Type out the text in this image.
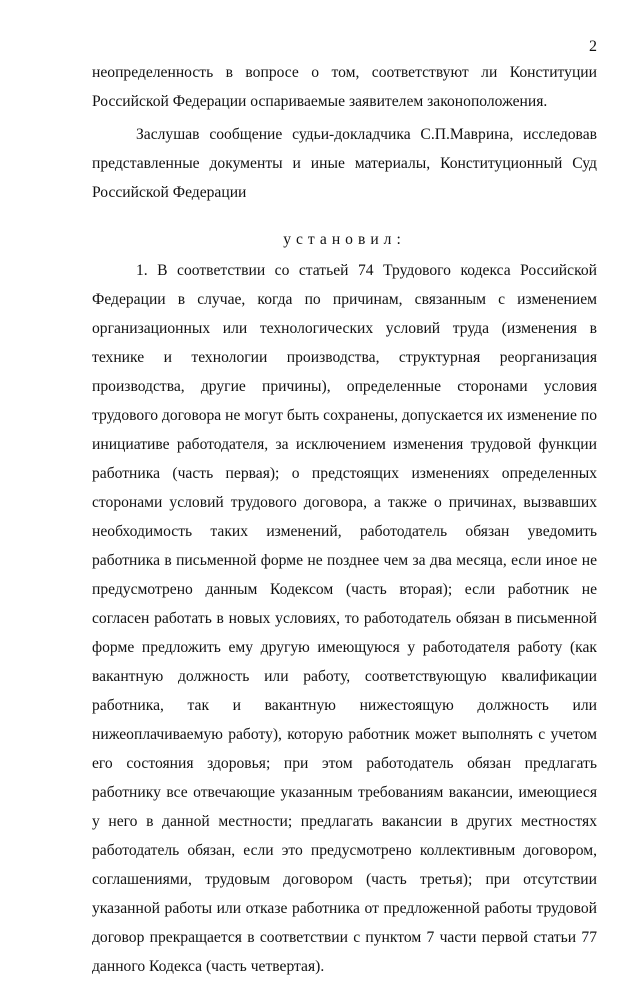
2

неопределенность в вопросе о том, соответствуют ли Конституции Российской Федерации оспариваемые заявителем законоположения.

Заслушав сообщение судьи-докладчика С.П.Маврина, исследовав представленные документы и иные материалы, Конституционный Суд Российской Федерации

установил:

1. В соответствии со статьей 74 Трудового кодекса Российской Федерации в случае, когда по причинам, связанным с изменением организационных или технологических условий труда (изменения в технике и технологии производства, структурная реорганизация производства, другие причины), определенные сторонами условия трудового договора не могут быть сохранены, допускается их изменение по инициативе работодателя, за исключением изменения трудовой функции работника (часть первая); о предстоящих изменениях определенных сторонами условий трудового договора, а также о причинах, вызвавших необходимость таких изменений, работодатель обязан уведомить работника в письменной форме не позднее чем за два месяца, если иное не предусмотрено данным Кодексом (часть вторая); если работник не согласен работать в новых условиях, то работодатель обязан в письменной форме предложить ему другую имеющуюся у работодателя работу (как вакантную должность или работу, соответствующую квалификации работника, так и вакантную нижестоящую должность или нижеоплачиваемую работу), которую работник может выполнять с учетом его состояния здоровья; при этом работодатель обязан предлагать работнику все отвечающие указанным требованиям вакансии, имеющиеся у него в данной местности; предлагать вакансии в других местностях работодатель обязан, если это предусмотрено коллективным договором, соглашениями, трудовым договором (часть третья); при отсутствии указанной работы или отказе работника от предложенной работы трудовой договор прекращается в соответствии с пунктом 7 части первой статьи 77 данного Кодекса (часть четвертая).
